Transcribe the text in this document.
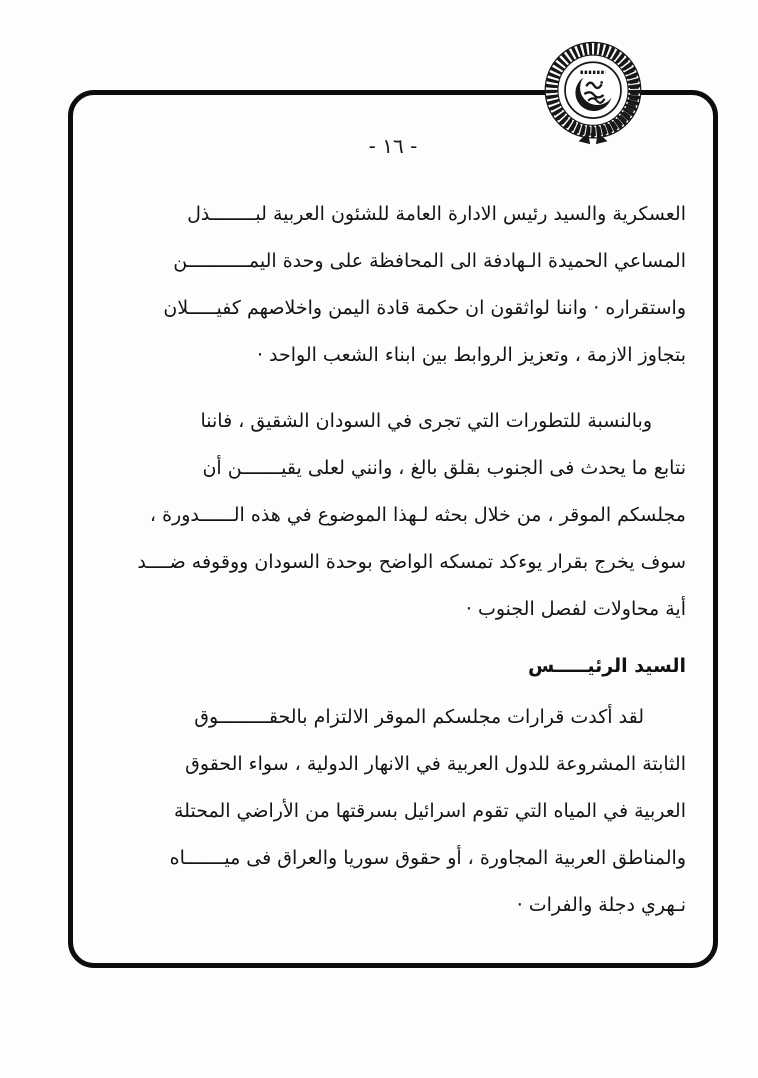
- ١٦ -
العسكرية والسيد رئيس الادارة العامة للشئون العربية لبــــــــذل
المساعي الحميدة الـهادفة الى المحافظة على وحدة اليمـــــــــــن
واستقراره · واننا لواثقون ان حكمة قادة اليمن واخلاصهم كفيـــــلان
بتجاوز الازمة ، وتعزيز الروابط بين ابناء الشعب الواحد ·
وبالنسبة للتطورات التي تجرى في السودان الشقيق ، فاننا
نتابع ما يحدث فى الجنوب بقلق بالغ ، وانني لعلى يقيـــــــن أن
مجلسكم الموقر ، من خلال بحثه لـهذا الموضوع في هذه الــــــدورة ،
سوف يخرج بقرار يوءكد تمسكه الواضح بوحدة السودان ووقوفه ضــــد
أية محاولات لفصل الجنوب ·
السيد الرئيـــــس
لقد أكدت قرارات مجلسكم الموقر الالتزام بالحقـــــــــوق
الثابتة المشروعة للدول العربية في الانهار الدولية ، سواء الحقوق
العربية في المياه التي تقوم اسرائيل بسرقتها من الأراضي المحتلة
والمناطق العربية المجاورة ، أو حقوق سوريا والعراق فى ميـــــــاه
نـهري دجلة والفرات ·
